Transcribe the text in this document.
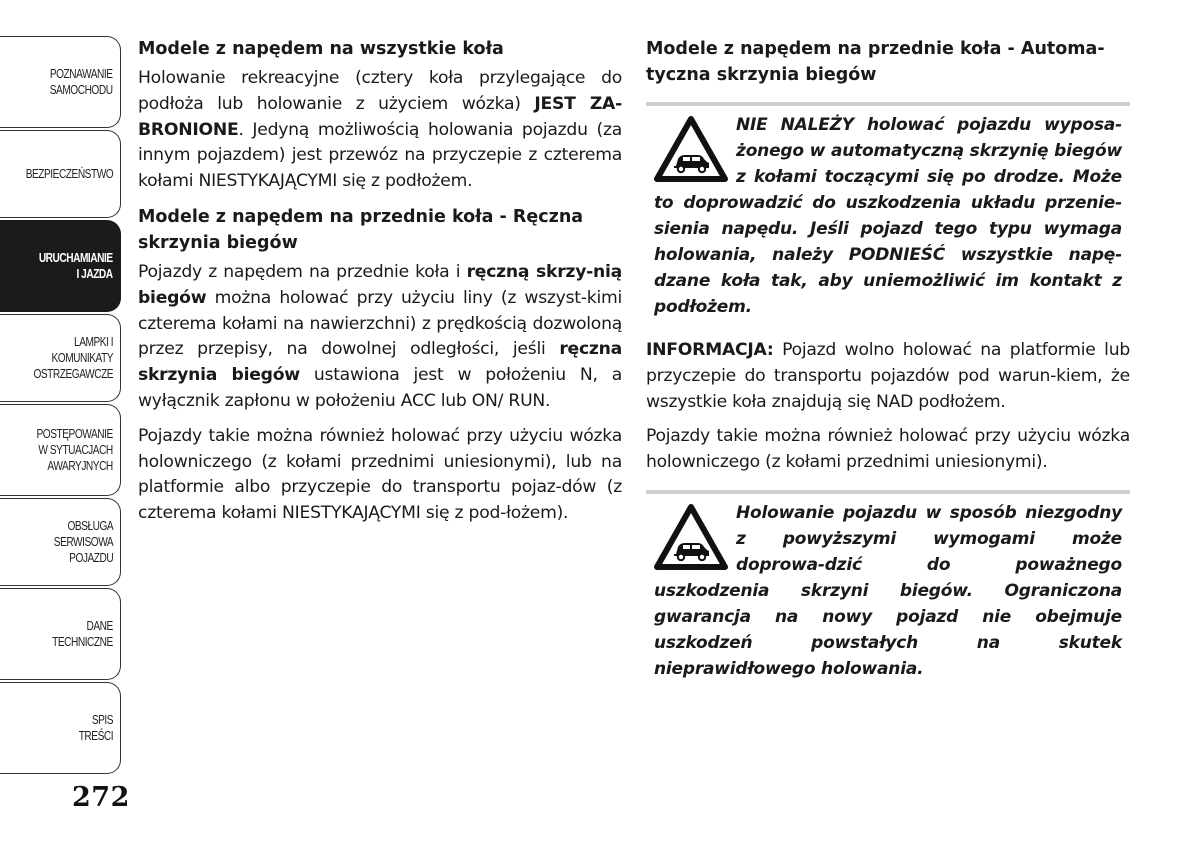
POZNAWANIE
SAMOCHODU
BEZPIECZEŃSTWO
URUCHAMIANIE
I JAZDA
LAMPKI I
KOMUNIKATY
OSTRZEGAWCZE
POSTĘPOWANIE
W SYTUACJACH
AWARYJNYCH
OBSŁUGA
SERWISOWA
POJAZDU
DANE
TECHNICZNE
SPIS
TREŚCI
272
Modele z napędem na wszystkie koła
Holowanie rekreacyjne (cztery koła przylegające do podłoża lub holowanie z użyciem wózka) JEST ZA-BRONIONE. Jedyną możliwością holowania pojazdu (za innym pojazdem) jest przewóz na przyczepie z czterema kołami NIESTYKAJĄCYMI się z podłożem.
Modele z napędem na przednie koła - Ręczna skrzynia biegów
Pojazdy z napędem na przednie koła i ręczną skrzy-nią biegów można holować przy użyciu liny (z wszyst-kimi czterema kołami na nawierzchni) z prędkością dozwoloną przez przepisy, na dowolnej odległości, jeśli ręczna skrzynia biegów ustawiona jest w położeniu N, a wyłącznik zapłonu w położeniu ACC lub ON/ RUN.
Pojazdy takie można również holować przy użyciu wózka holowniczego (z kołami przednimi uniesionymi), lub na platformie albo przyczepie do transportu pojaz-dów (z czterema kołami NIESTYKAJĄCYMI się z pod-łożem).
Modele z napędem na przednie koła - Automa-tyczna skrzynia biegów
NIE NALEŻY holować pojazdu wyposa-żonego w automatyczną skrzynię biegów z kołami toczącymi się po drodze. Może to doprowadzić do uszkodzenia układu przenie-sienia napędu. Jeśli pojazd tego typu wymaga holowania, należy PODNIEŚĆ wszystkie napę-dzane koła tak, aby uniemożliwić im kontakt z podłożem.
INFORMACJA: Pojazd wolno holować na platformie lub przyczepie do transportu pojazdów pod warun-kiem, że wszystkie koła znajdują się NAD podłożem.
Pojazdy takie można również holować przy użyciu wózka holowniczego (z kołami przednimi uniesionymi).
Holowanie pojazdu w sposób niezgodny z powyższymi wymogami może doprowa-dzić do poważnego uszkodzenia skrzyni biegów. Ograniczona gwarancja na nowy pojazd nie obejmuje uszkodzeń powstałych na skutek nieprawidłowego holowania.
